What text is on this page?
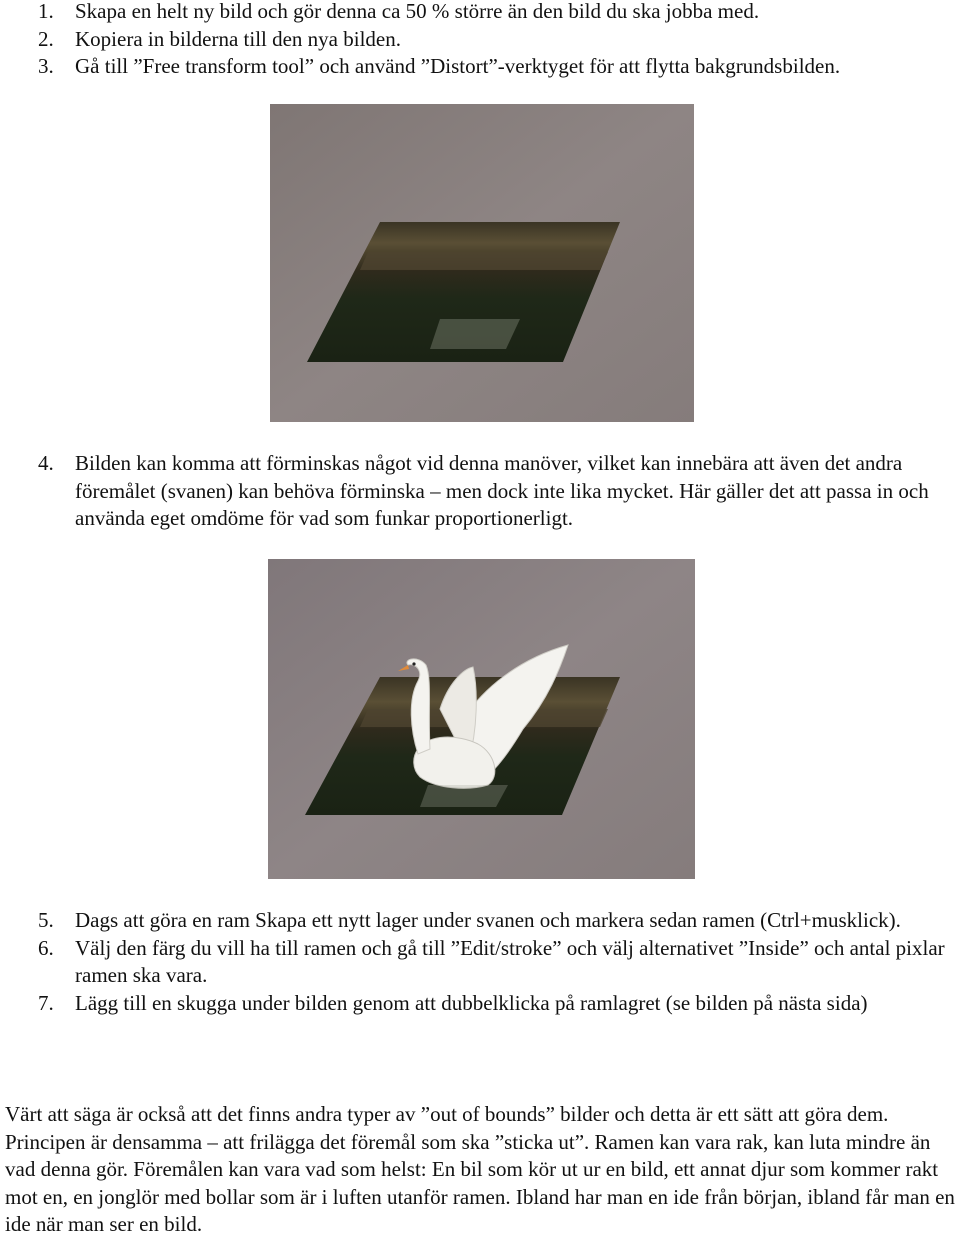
1. Skapa en helt ny bild och gör denna ca 50 % större än den bild du ska jobba med.
2. Kopiera in bilderna till den nya bilden.
3. Gå till ”Free transform tool” och använd ”Distort”-verktyget för att flytta bakgrundsbilden.
4. Bilden kan komma att förminskas något vid denna manöver, vilket kan innebära att även det andra föremålet (svanen) kan behöva förminska – men dock inte lika mycket. Här gäller det att passa in och använda eget omdöme för vad som funkar proportionerligt.
5. Dags att göra en ram Skapa ett nytt lager under svanen och markera sedan ramen (Ctrl+musklick).
6. Välj den färg du vill ha till ramen och gå till ”Edit/stroke” och välj alternativet ”Inside” och antal pixlar ramen ska vara.
7. Lägg till en skugga under bilden genom att dubbelklicka på ramlagret (se bilden på nästa sida)

Värt att säga är också att det finns andra typer av ”out of bounds” bilder och detta är ett sätt att göra dem. Principen är densamma – att frilägga det föremål som ska ”sticka ut”. Ramen kan vara rak, kan luta mindre än vad denna gör. Föremålen kan vara vad som helst: En bil som kör ut ur en bild, ett annat djur som kommer rakt mot en, en jonglör med bollar som är i luften utanför ramen. Ibland har man en ide från början, ibland får man en ide när man ser en bild.
